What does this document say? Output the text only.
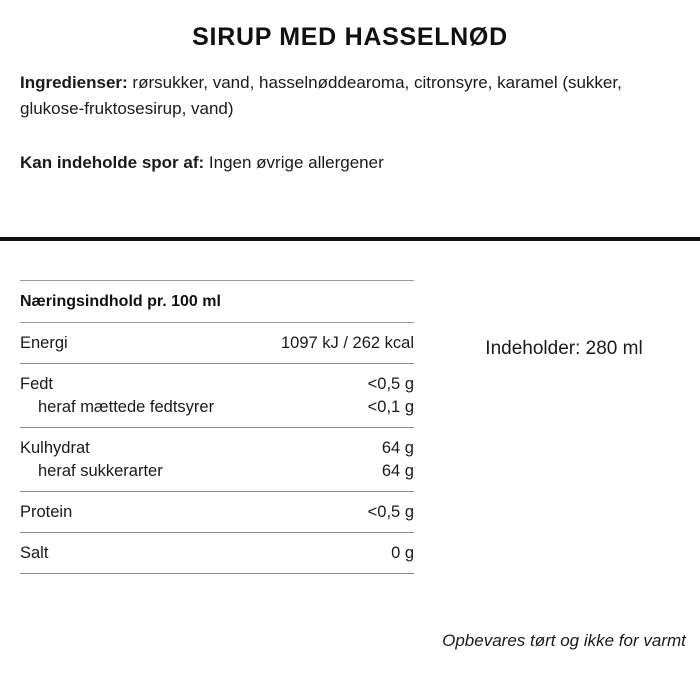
SIRUP MED HASSELNØD
Ingredienser: rørsukker, vand, hasselnøddearoma, citronsyre, karamel (sukker, glukose-fruktosesirup, vand)
Kan indeholde spor af: Ingen øvrige allergener
Næringsindhold pr. 100 ml
Energi	1097 kJ / 262 kcal
Fedt	<0,5 g
heraf mættede fedtsyrer	<0,1 g
Kulhydrat	64 g
heraf sukkerarter	64 g
Protein	<0,5 g
Salt	0 g
Indeholder: 280 ml
Opbevares tørt og ikke for varmt
